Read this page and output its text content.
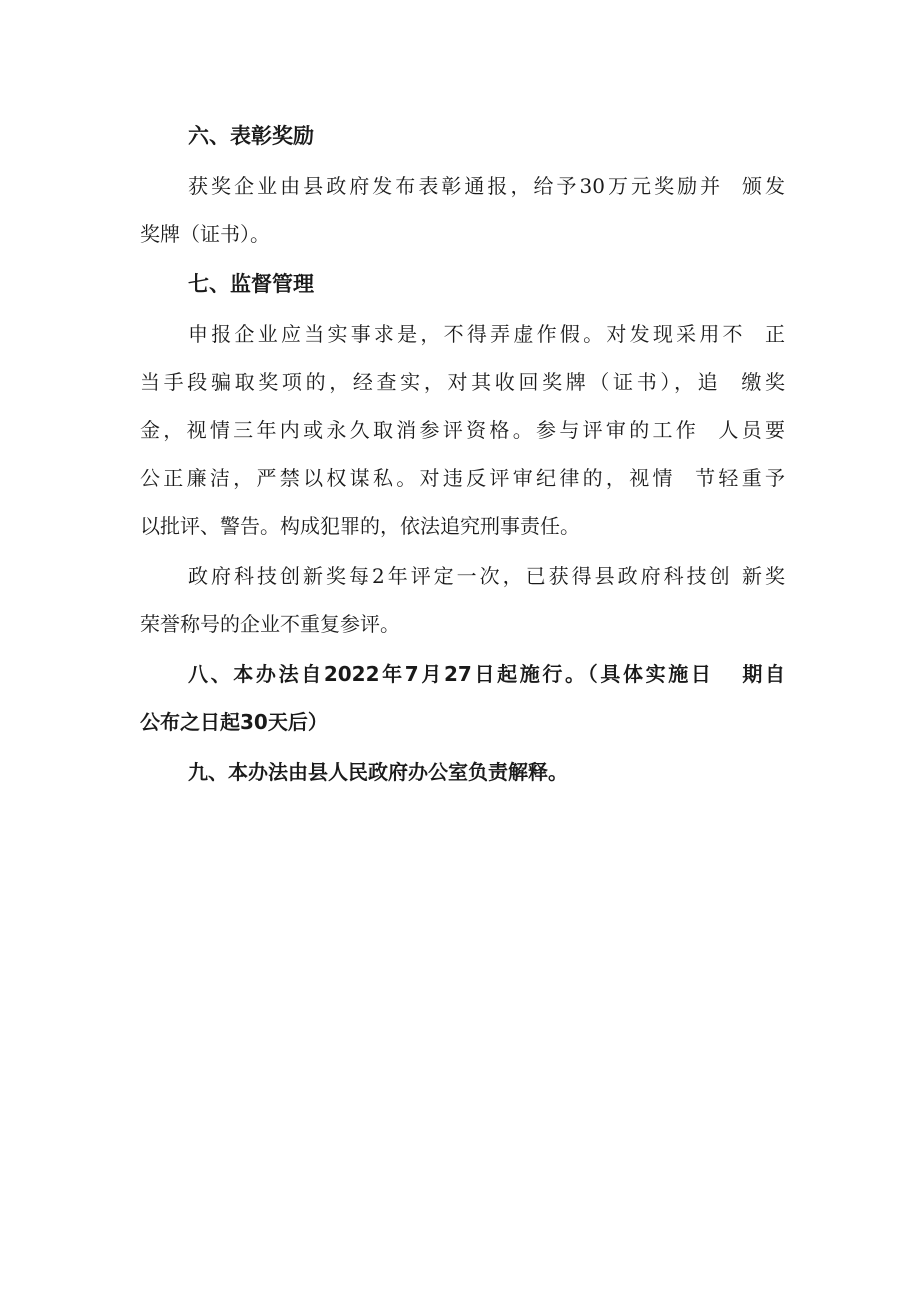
六、表彰奖励

获奖企业由县政府发布表彰通报，给予30万元奖励并  颁发
奖牌（证书）。

七、监督管理

申报企业应当实事求是，不得弄虚作假。对发现采用不  正
当手段骗取奖项的，经查实，对其收回奖牌（证书），追  缴奖
金，视情三年内或永久取消参评资格。参与评审的工作  人员要
公正廉洁，严禁以权谋私。对违反评审纪律的，视情  节轻重予
以批评、警告。构成犯罪的，依法追究刑事责任。

政府科技创新奖每2年评定一次，已获得县政府科技创 新奖
荣誉称号的企业不重复参评。

八、本办法自2022年7月27日起施行。（具体实施日   期自
公布之日起30天后）

九、本办法由县人民政府办公室负责解释。
